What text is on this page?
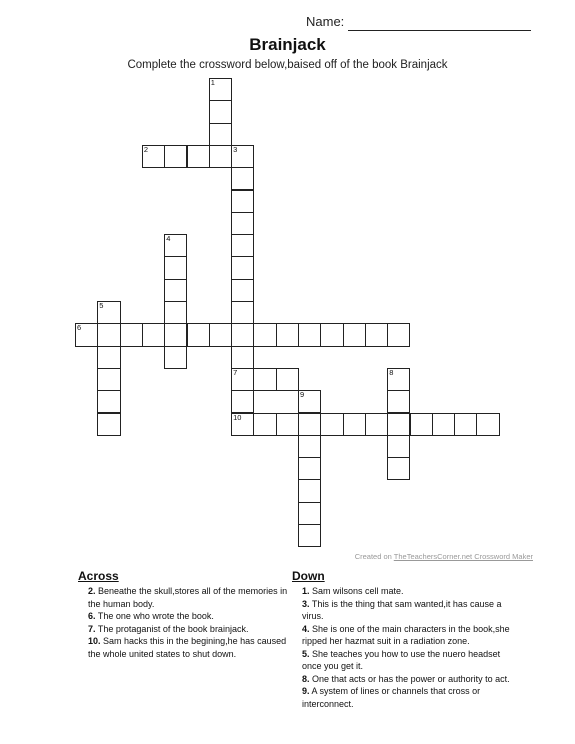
Name:
Brainjack
Complete the crossword below,baised off of the book Brainjack
1
2	3
7
10
4
5
6
8
9
Created on TheTeachersCorner.net Crossword Maker
Across
2. Beneathe the skull,stores all of the memories in the human body.
6. The one who wrote the book.
7. The protaganist of the book brainjack.
10. Sam hacks this in the begining,he has caused the whole united states to shut down.
Down
1. Sam wilsons cell mate.
3. This is the thing that sam wanted,it has cause a virus.
4. She is one of the main characters in the book,she ripped her hazmat suit in a radiation zone.
5. She teaches you how to use the nuero headset once you get it.
8. One that acts or has the power or authority to act.
9. A system of lines or channels that cross or interconnect.
